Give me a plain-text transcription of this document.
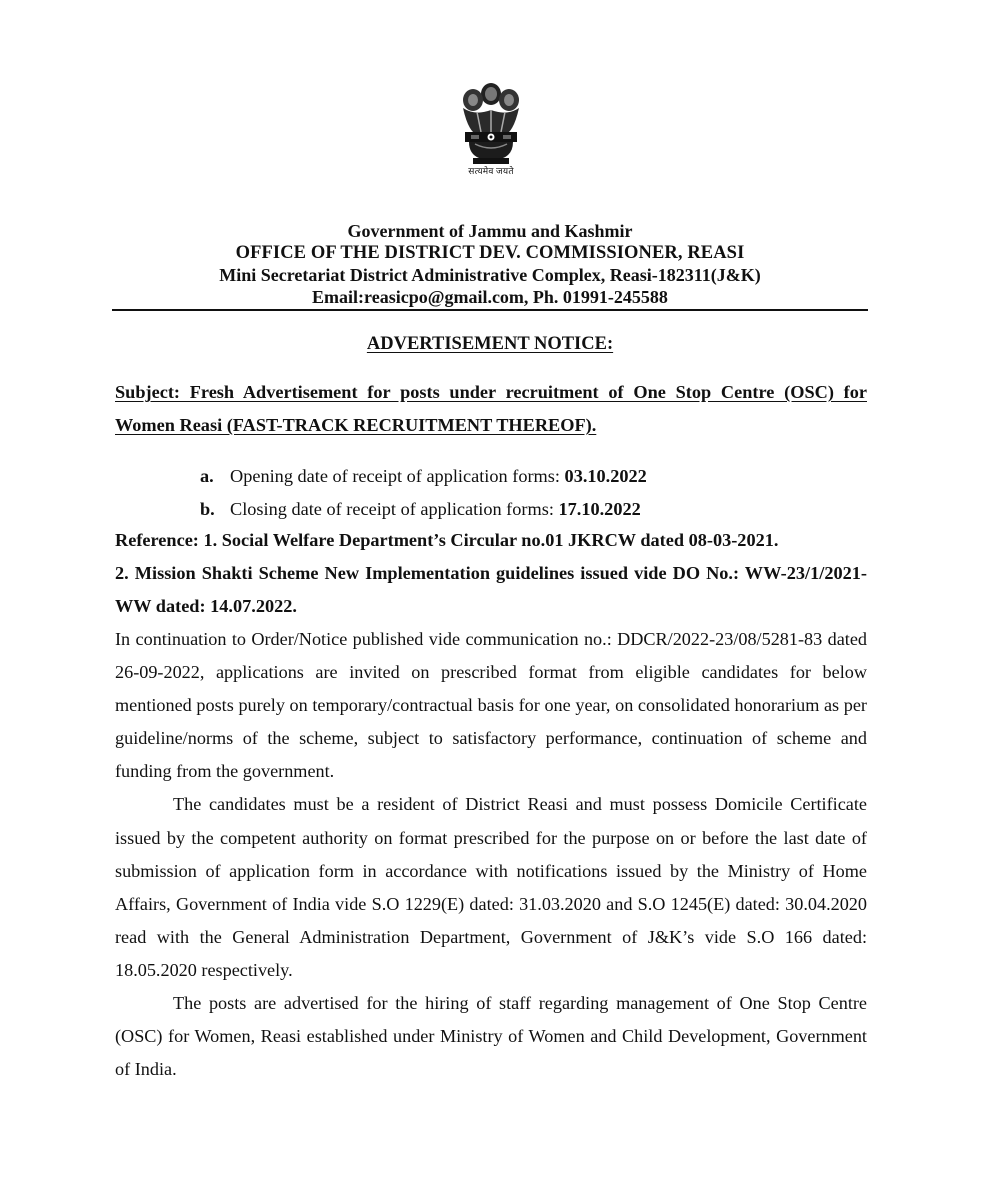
सत्यमेव जयते
Government of Jammu and Kashmir
OFFICE OF THE DISTRICT DEV. COMMISSIONER, REASI
Mini Secretariat District Administrative Complex, Reasi-182311(J&K)
Email:reasicpo@gmail.com, Ph. 01991-245588
ADVERTISEMENT NOTICE:
Subject: Fresh Advertisement for posts under recruitment of One Stop Centre (OSC) for Women Reasi (FAST-TRACK RECRUITMENT THEREOF).
a. Opening date of receipt of application forms: 03.10.2022
b. Closing date of receipt of application forms: 17.10.2022

Reference: 1. Social Welfare Department’s Circular no.01 JKRCW dated 08-03-2021.

2. Mission Shakti Scheme New Implementation guidelines issued vide DO No.: WW-23/1/2021-WW dated: 14.07.2022.

In continuation to Order/Notice published vide communication no.: DDCR/2022-23/08/5281-83 dated 26-09-2022, applications are invited on prescribed format from eligible candidates for below mentioned posts purely on temporary/contractual basis for one year, on consolidated honorarium as per guideline/norms of the scheme, subject to satisfactory performance, continuation of scheme and funding from the government.

The candidates must be a resident of District Reasi and must possess Domicile Certificate issued by the competent authority on format prescribed for the purpose on or before the last date of submission of application form in accordance with notifications issued by the Ministry of Home Affairs, Government of India vide S.O 1229(E) dated: 31.03.2020 and S.O 1245(E) dated: 30.04.2020 read with the General Administration Department, Government of J&K’s vide S.O 166 dated: 18.05.2020 respectively.

The posts are advertised for the hiring of staff regarding management of One Stop Centre (OSC) for Women, Reasi established under Ministry of Women and Child Development, Government of India.
